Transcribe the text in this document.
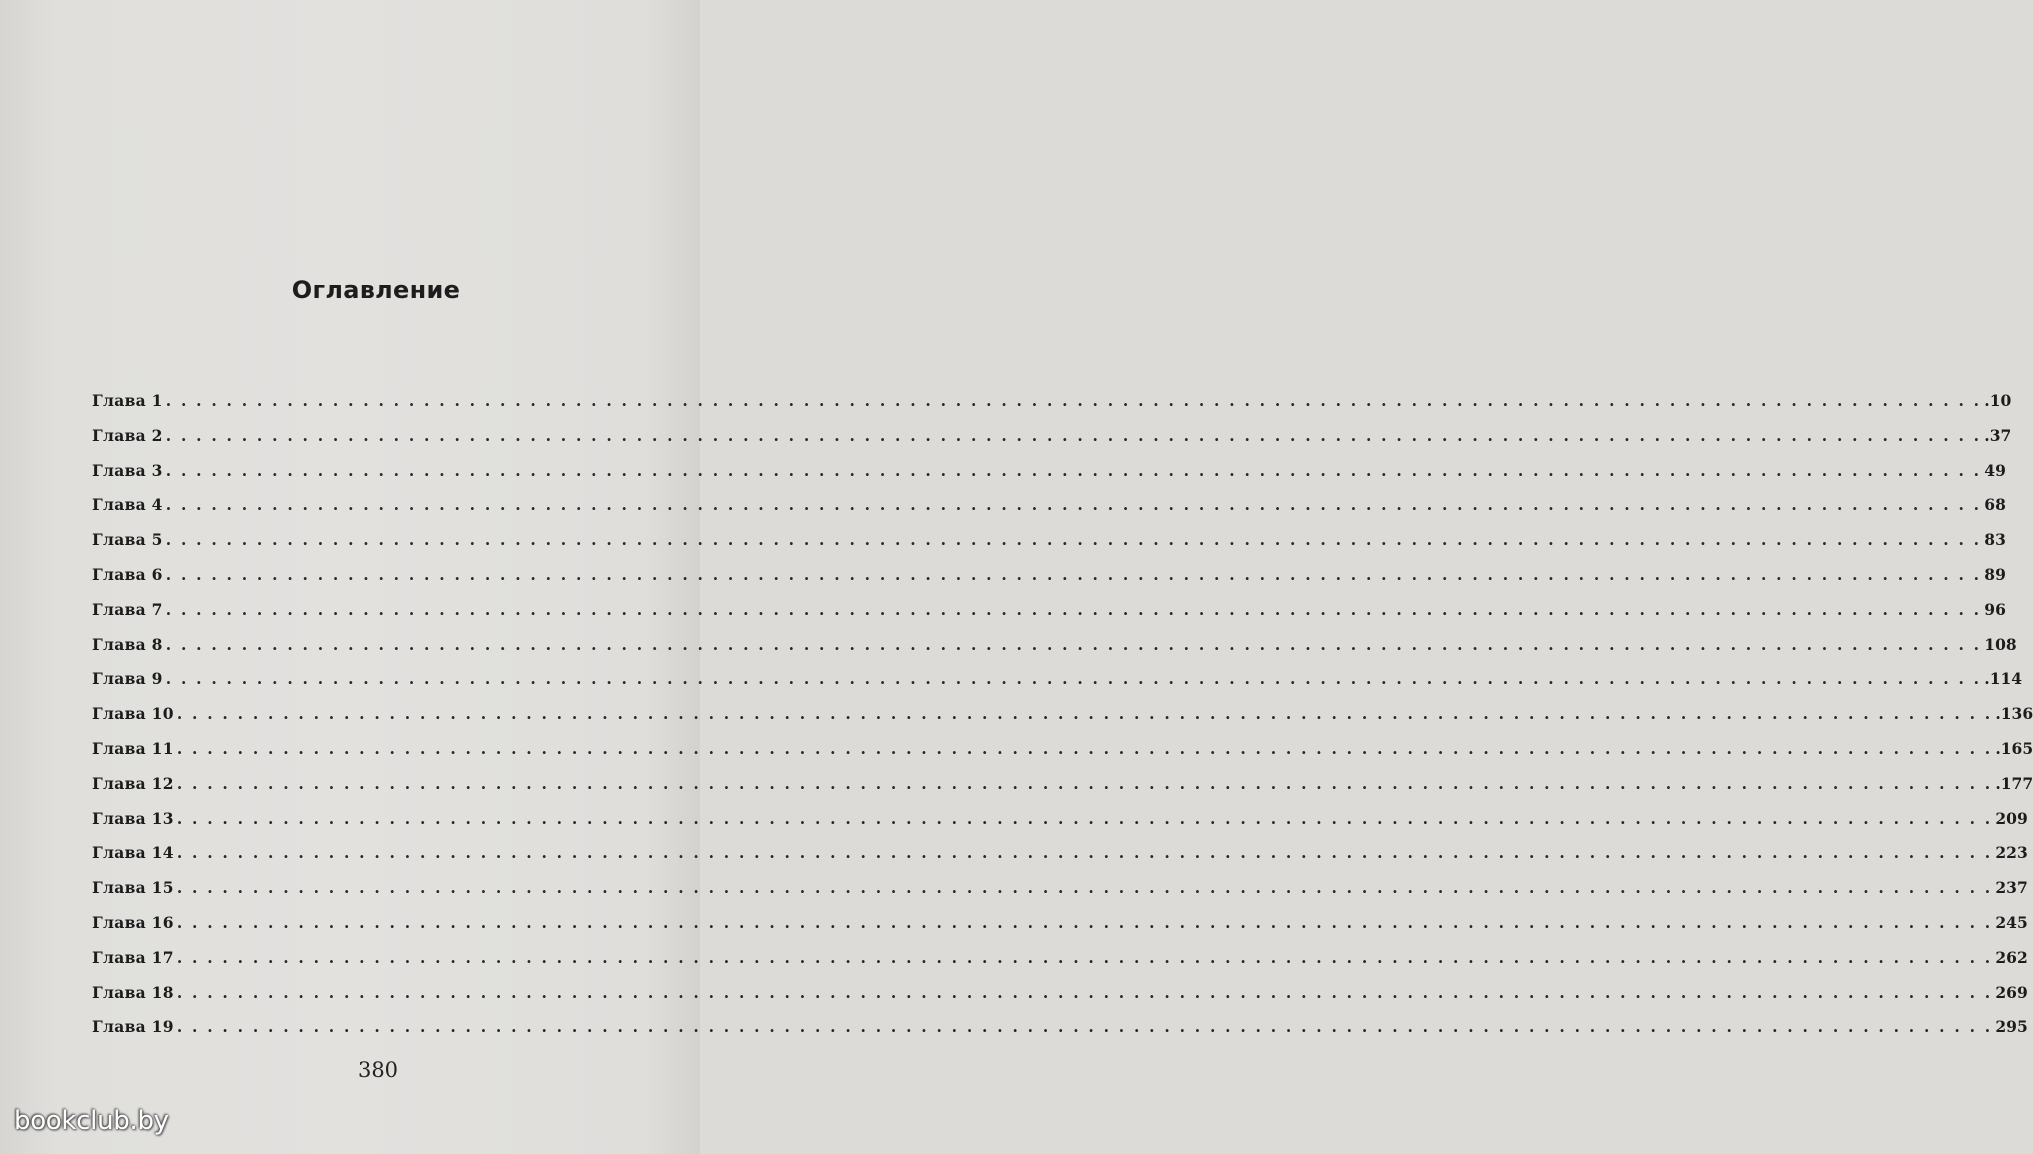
Оглавление
Глава 1 . . . . . . . . . . . . . . . . . . . . . . . . . . . . . . . . . . . . . . . . . . . . . . . . . . . . . . . . . . . . . . . . . . . . . . . . . . . . . . . . . . . . . . . . . . . . . . . . . . . . . . . . . . . . . . . . . . . . . . . . .10
Глава 2 . . . . . . . . . . . . . . . . . . . . . . . . . . . . . . . . . . . . . . . . . . . . . . . . . . . . . . . . . . . . . . . . . . . . . . . . . . . . . . . . . . . . . . . . . . . . . . . . . . . . . . . . . . . . . . . . . . . . . . . . .37
Глава 3 . . . . . . . . . . . . . . . . . . . . . . . . . . . . . . . . . . . . . . . . . . . . . . . . . . . . . . . . . . . . . . . . . . . . . . . . . . . . . . . . . . . . . . . . . . . . . . . . . . . . . . . . . . . . . . . . . . . . . . . . 49
Глава 4 . . . . . . . . . . . . . . . . . . . . . . . . . . . . . . . . . . . . . . . . . . . . . . . . . . . . . . . . . . . . . . . . . . . . . . . . . . . . . . . . . . . . . . . . . . . . . . . . . . . . . . . . . . . . . . . . . . . . . . . . 68
Глава 5 . . . . . . . . . . . . . . . . . . . . . . . . . . . . . . . . . . . . . . . . . . . . . . . . . . . . . . . . . . . . . . . . . . . . . . . . . . . . . . . . . . . . . . . . . . . . . . . . . . . . . . . . . . . . . . . . . . . . . . . . 83
Глава 6 . . . . . . . . . . . . . . . . . . . . . . . . . . . . . . . . . . . . . . . . . . . . . . . . . . . . . . . . . . . . . . . . . . . . . . . . . . . . . . . . . . . . . . . . . . . . . . . . . . . . . . . . . . . . . . . . . . . . . . . . 89
Глава 7 . . . . . . . . . . . . . . . . . . . . . . . . . . . . . . . . . . . . . . . . . . . . . . . . . . . . . . . . . . . . . . . . . . . . . . . . . . . . . . . . . . . . . . . . . . . . . . . . . . . . . . . . . . . . . . . . . . . . . . . . 96
Глава 8 . . . . . . . . . . . . . . . . . . . . . . . . . . . . . . . . . . . . . . . . . . . . . . . . . . . . . . . . . . . . . . . . . . . . . . . . . . . . . . . . . . . . . . . . . . . . . . . . . . . . . . . . . . . . . . . . . . . . . . . . 108
Глава 9 . . . . . . . . . . . . . . . . . . . . . . . . . . . . . . . . . . . . . . . . . . . . . . . . . . . . . . . . . . . . . . . . . . . . . . . . . . . . . . . . . . . . . . . . . . . . . . . . . . . . . . . . . . . . . . . . . . . . . . . . .114
Глава 10 . . . . . . . . . . . . . . . . . . . . . . . . . . . . . . . . . . . . . . . . . . . . . . . . . . . . . . . . . . . . . . . . . . . . . . . . . . . . . . . . . . . . . . . . . . . . . . . . . . . . . . . . . . . . . . . . . . . . . . . . .136
Глава 11 . . . . . . . . . . . . . . . . . . . . . . . . . . . . . . . . . . . . . . . . . . . . . . . . . . . . . . . . . . . . . . . . . . . . . . . . . . . . . . . . . . . . . . . . . . . . . . . . . . . . . . . . . . . . . . . . . . . . . . . . .165
Глава 12 . . . . . . . . . . . . . . . . . . . . . . . . . . . . . . . . . . . . . . . . . . . . . . . . . . . . . . . . . . . . . . . . . . . . . . . . . . . . . . . . . . . . . . . . . . . . . . . . . . . . . . . . . . . . . . . . . . . . . . . . .177
Глава 13 . . . . . . . . . . . . . . . . . . . . . . . . . . . . . . . . . . . . . . . . . . . . . . . . . . . . . . . . . . . . . . . . . . . . . . . . . . . . . . . . . . . . . . . . . . . . . . . . . . . . . . . . . . . . . . . . . . . . . . . . 209
Глава 14 . . . . . . . . . . . . . . . . . . . . . . . . . . . . . . . . . . . . . . . . . . . . . . . . . . . . . . . . . . . . . . . . . . . . . . . . . . . . . . . . . . . . . . . . . . . . . . . . . . . . . . . . . . . . . . . . . . . . . . . . 223
Глава 15 . . . . . . . . . . . . . . . . . . . . . . . . . . . . . . . . . . . . . . . . . . . . . . . . . . . . . . . . . . . . . . . . . . . . . . . . . . . . . . . . . . . . . . . . . . . . . . . . . . . . . . . . . . . . . . . . . . . . . . . . 237
Глава 16 . . . . . . . . . . . . . . . . . . . . . . . . . . . . . . . . . . . . . . . . . . . . . . . . . . . . . . . . . . . . . . . . . . . . . . . . . . . . . . . . . . . . . . . . . . . . . . . . . . . . . . . . . . . . . . . . . . . . . . . . 245
Глава 17 . . . . . . . . . . . . . . . . . . . . . . . . . . . . . . . . . . . . . . . . . . . . . . . . . . . . . . . . . . . . . . . . . . . . . . . . . . . . . . . . . . . . . . . . . . . . . . . . . . . . . . . . . . . . . . . . . . . . . . . . 262
Глава 18 . . . . . . . . . . . . . . . . . . . . . . . . . . . . . . . . . . . . . . . . . . . . . . . . . . . . . . . . . . . . . . . . . . . . . . . . . . . . . . . . . . . . . . . . . . . . . . . . . . . . . . . . . . . . . . . . . . . . . . . . 269
Глава 19 . . . . . . . . . . . . . . . . . . . . . . . . . . . . . . . . . . . . . . . . . . . . . . . . . . . . . . . . . . . . . . . . . . . . . . . . . . . . . . . . . . . . . . . . . . . . . . . . . . . . . . . . . . . . . . . . . . . . . . . . 295
380
bookclub.by
